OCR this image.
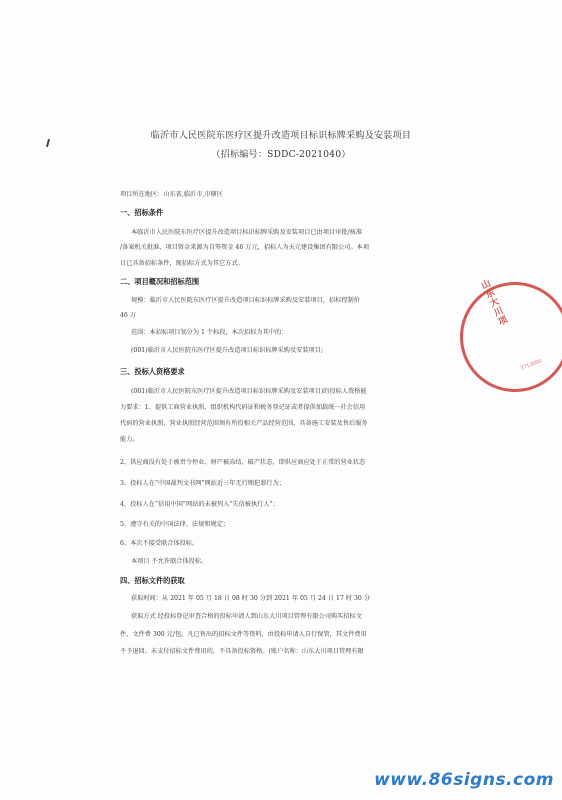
临沂市人民医院东医疗区提升改造项目标识标牌采购及安装项目
（招标编号：SDDC-2021040）
项目所在地区：山东省,临沂市,市辖区
一、招标条件
本临沂市人民医院东医疗区提升改造项目标识标牌采购及安装项目已由项目审批/核准
/备案机关批准，项目资金来源为自筹资金 46 万元，招标人为天元建设集团有限公司。本项
目已具备招标条件，现招标方式为其它方式。
二、项目概况和招标范围
规模：临沂市人民医院东医疗区提升改造项目标识标牌采购及安装项目，招标控制价
46 万
范围：本招标项目划分为 1 个标段，本次招标为其中的：
(001)临沂市人民医院东医疗区提升改造项目标识标牌采购及安装项目;
三、投标人资格要求
(001)临沂市人民医院东医疗区提升改造项目标识标牌采购及安装项目)的投标人资格能
力要求：1、提供工商营业执照、组织机构代码证和税务登记证或者提供加载统一社会信用
代码的营业执照，营业执照经营范围须有所投相关产品经营范围，具备施工安装及售后服务
能力。
2、供应商没有处于被责令停业、财产被冻结，破产状态，即供应商应处于正常的营业状态
3、投标人在“中国裁判文书网”网站近三年无行贿犯罪行为；
4、投标人在“信用中国”网站的未被列入“失信被执行人”；
5、遵守有关的中国法律、法规和规定；
6、本次不接受联合体投标。
本项目 不允许联合体投标。
四、招标文件的获取
获取时间：从 2021 年 05 月 18 日 08 时 30 分到 2021 年 05 月 24 日 17 时 30 分
获取方式 经投标登记审查合格的投标申请人到山东大川项目管理有限公司购买招标文
件，文件费 300 元/包，凡已售出的招标文件等资料，由投标申请人自行保管，其文件费用
不予退回。未支付招标文件费用的，不具备投标资格。(账户名称：山东大川项目管理有限
山东大川项
3713000
www.86signs.com
